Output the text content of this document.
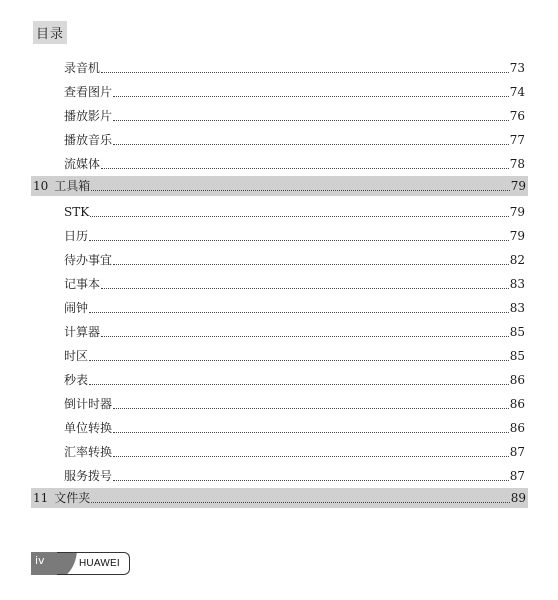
目录
录音机	73
查看图片	74
播放影片	76
播放音乐	77
流媒体	78
10 工具箱	79
STK	79
日历	79
待办事宜	82
记事本	83
闹钟	83
计算器	85
时区	85
秒表	86
倒计时器	86
单位转换	86
汇率转换	87
服务拨号	87
11 文件夹	89
iv	HUAWEI
